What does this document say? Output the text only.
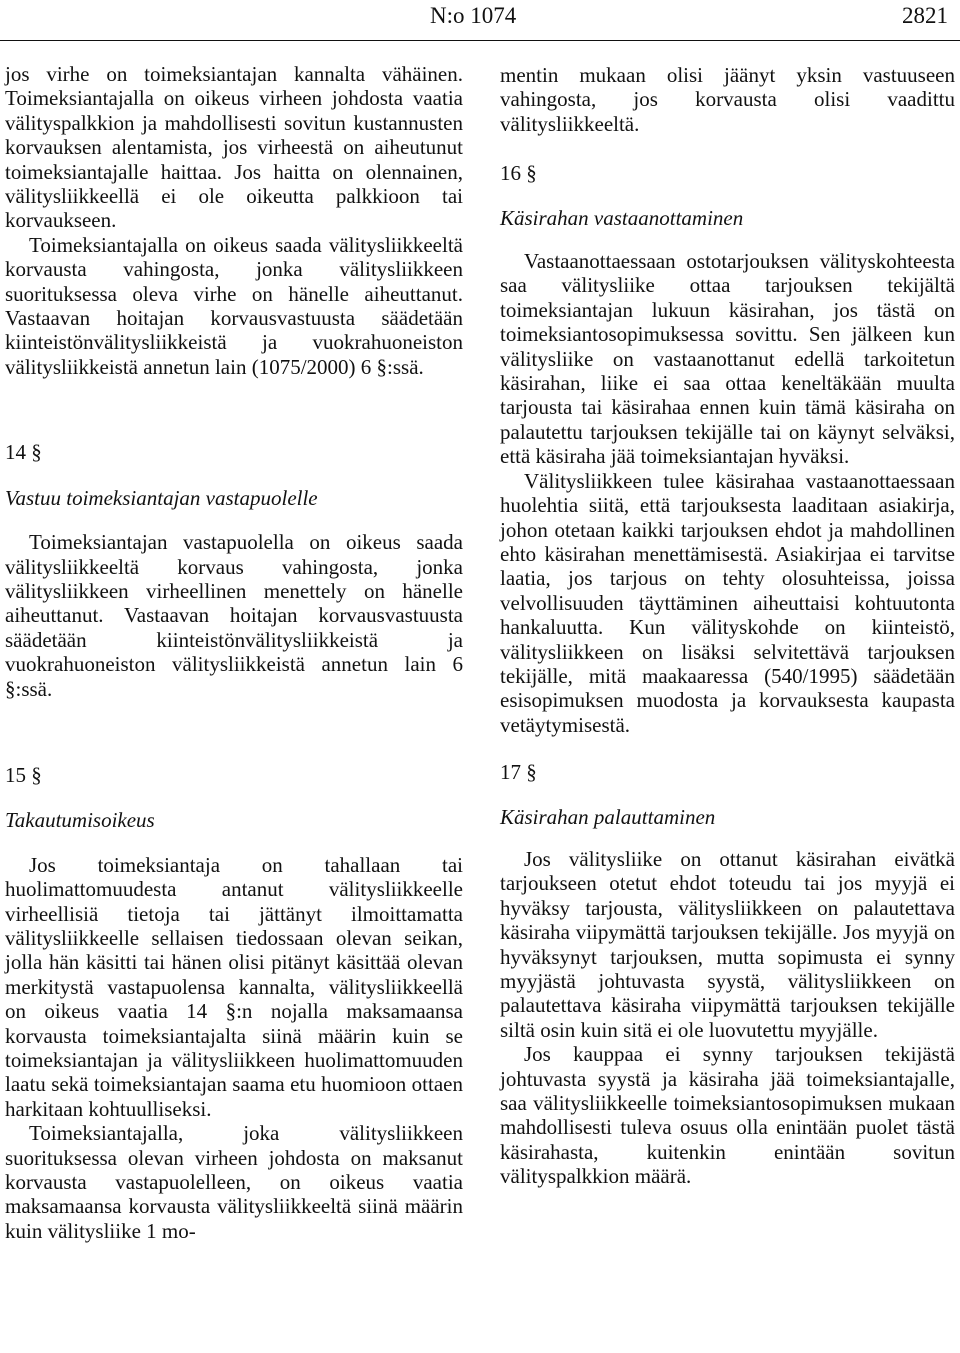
N:o 1074	2821

jos virhe on toimeksiantajan kannalta vähäinen. Toimeksiantajalla on oikeus virheen johdosta vaatia välityspalkkion ja mahdollisesti sovitun kustannusten korvauksen alentamista, jos virheestä on aiheutunut toimeksiantajalle haittaa. Jos haitta on olennainen, välitysliikkeellä ei ole oikeutta palkkioon tai korvaukseen.

Toimeksiantajalla on oikeus saada välitysliikkeeltä korvausta vahingosta, jonka välitysliikkeen suorituksessa oleva virhe on hänelle aiheuttanut. Vastaavan hoitajan korvausvastuusta säädetään kiinteistönvälitysliikkeistä ja vuokrahuoneiston välitysliikkeistä annetun lain (1075/2000) 6 §:ssä.

14 §

Vastuu toimeksiantajan vastapuolelle

Toimeksiantajan vastapuolella on oikeus saada välitysliikkeeltä korvaus vahingosta, jonka välitysliikkeen virheellinen menettely on hänelle aiheuttanut. Vastaavan hoitajan korvausvastuusta säädetään kiinteistönvälitysliikkeistä ja vuokrahuoneiston välitysliikkeistä annetun lain 6 §:ssä.

15 §

Takautumisoikeus

Jos toimeksiantaja on tahallaan tai huolimattomuudesta antanut välitysliikkeelle virheellisiä tietoja tai jättänyt ilmoittamatta välitysliikkeelle sellaisen tiedossaan olevan seikan, jolla hän käsitti tai hänen olisi pitänyt käsittää olevan merkitystä vastapuolensa kannalta, välitysliikkeellä on oikeus vaatia 14 §:n nojalla maksamaansa korvausta toimeksiantajalta siinä määrin kuin se toimeksiantajan ja välitysliikkeen huolimattomuuden laatu sekä toimeksiantajan saama etu huomioon ottaen harkitaan kohtuulliseksi.

Toimeksiantajalla, joka välitysliikkeen suorituksessa olevan virheen johdosta on maksanut korvausta vastapuolelleen, on oikeus vaatia maksamaansa korvausta välitysliikkeeltä siinä määrin kuin välitysliike 1 mo-

mentin mukaan olisi jäänyt yksin vastuuseen vahingosta, jos korvausta olisi vaadittu välitysliikkeeltä.

16 §

Käsirahan vastaanottaminen

Vastaanottaessaan ostotarjouksen välityskohteesta saa välitysliike ottaa tarjouksen tekijältä toimeksiantajan lukuun käsirahan, jos tästä on toimeksiantosopimuksessa sovittu. Sen jälkeen kun välitysliike on vastaanottanut edellä tarkoitetun käsirahan, liike ei saa ottaa keneltäkään muulta tarjousta tai käsirahaa ennen kuin tämä käsiraha on palautettu tarjouksen tekijälle tai on käynyt selväksi, että käsiraha jää toimeksiantajan hyväksi.

Välitysliikkeen tulee käsirahaa vastaanottaessaan huolehtia siitä, että tarjouksesta laaditaan asiakirja, johon otetaan kaikki tarjouksen ehdot ja mahdollinen ehto käsirahan menettämisestä. Asiakirjaa ei tarvitse laatia, jos tarjous on tehty olosuhteissa, joissa velvollisuuden täyttäminen aiheuttaisi kohtuutonta hankaluutta. Kun välityskohde on kiinteistö, välitysliikkeen on lisäksi selvitettävä tarjouksen tekijälle, mitä maakaaressa (540/1995) säädetään esisopimuksen muodosta ja korvauksesta kaupasta vetäytymisestä.

17 §

Käsirahan palauttaminen

Jos välitysliike on ottanut käsirahan eivätkä tarjoukseen otetut ehdot toteudu tai jos myyjä ei hyväksy tarjousta, välitysliikkeen on palautettava käsiraha viipymättä tarjouksen tekijälle. Jos myyjä on hyväksynyt tarjouksen, mutta sopimusta ei synny myyjästä johtuvasta syystä, välitysliikkeen on palautettava käsiraha viipymättä tarjouksen tekijälle siltä osin kuin sitä ei ole luovutettu myyjälle.

Jos kauppaa ei synny tarjouksen tekijästä johtuvasta syystä ja käsiraha jää toimeksiantajalle, saa välitysliikkeelle toimeksiantosopimuksen mukaan mahdollisesti tuleva osuus olla enintään puolet tästä käsirahasta, kuitenkin enintään sovitun välityspalkkion määrä.
